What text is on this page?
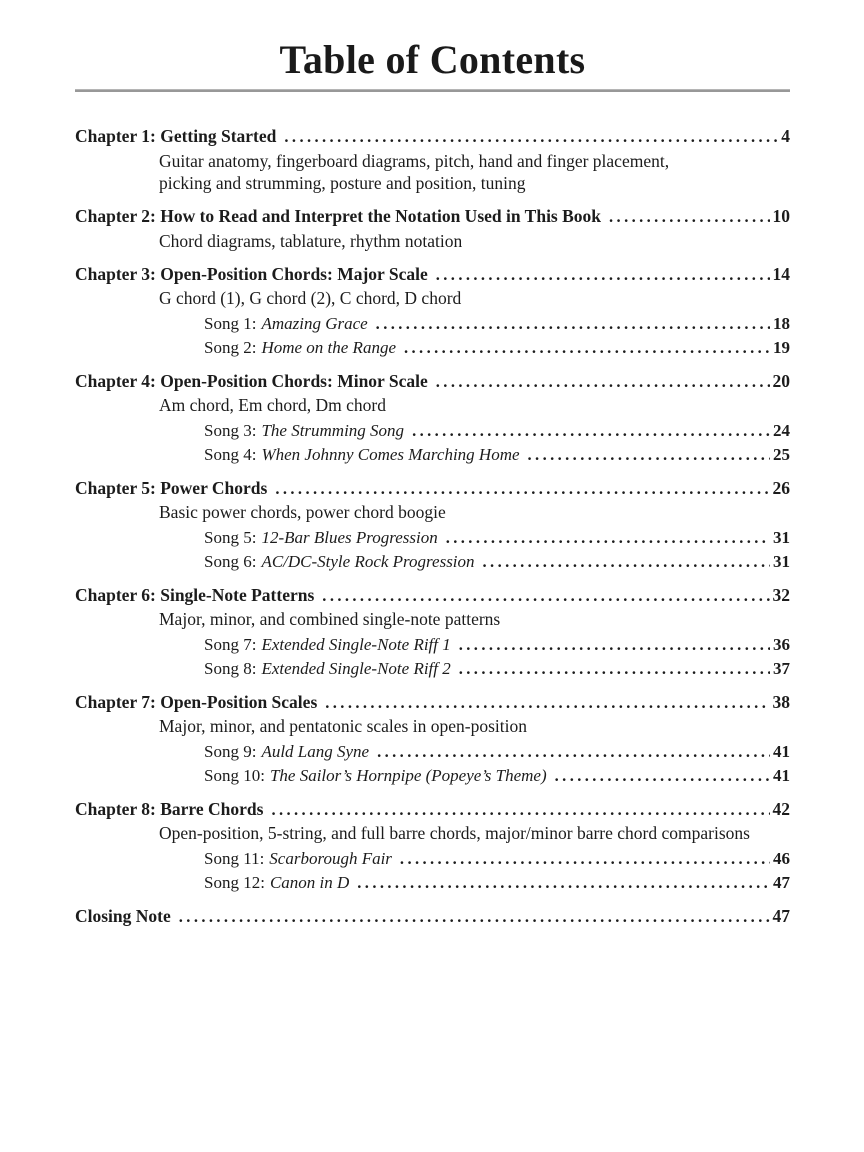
Table of Contents
Chapter 1: Getting Started .....	4
Guitar anatomy, fingerboard diagrams, pitch, hand and finger placement,
picking and strumming, posture and position, tuning
Chapter 2: How to Read and Interpret the Notation Used in This Book .....	10
Chord diagrams, tablature, rhythm notation
Chapter 3: Open-Position Chords: Major Scale .....	14
G chord (1), G chord (2), C chord, D chord
Song 1: Amazing Grace .....	18
Song 2: Home on the Range .....	19
Chapter 4: Open-Position Chords: Minor Scale .....	20
Am chord, Em chord, Dm chord
Song 3: The Strumming Song .....	24
Song 4: When Johnny Comes Marching Home .....	25
Chapter 5: Power Chords .....	26
Basic power chords, power chord boogie
Song 5: 12-Bar Blues Progression .....	31
Song 6: AC/DC-Style Rock Progression .....	31
Chapter 6: Single-Note Patterns .....	32
Major, minor, and combined single-note patterns
Song 7: Extended Single-Note Riff 1 .....	36
Song 8: Extended Single-Note Riff 2 .....	37
Chapter 7: Open-Position Scales .....	38
Major, minor, and pentatonic scales in open-position
Song 9: Auld Lang Syne .....	41
Song 10: The Sailor’s Hornpipe (Popeye’s Theme) .....	41
Chapter 8: Barre Chords .....	42
Open-position, 5-string, and full barre chords, major/minor barre chord comparisons
Song 11: Scarborough Fair .....	46
Song 12: Canon in D .....	47
Closing Note .....	47
